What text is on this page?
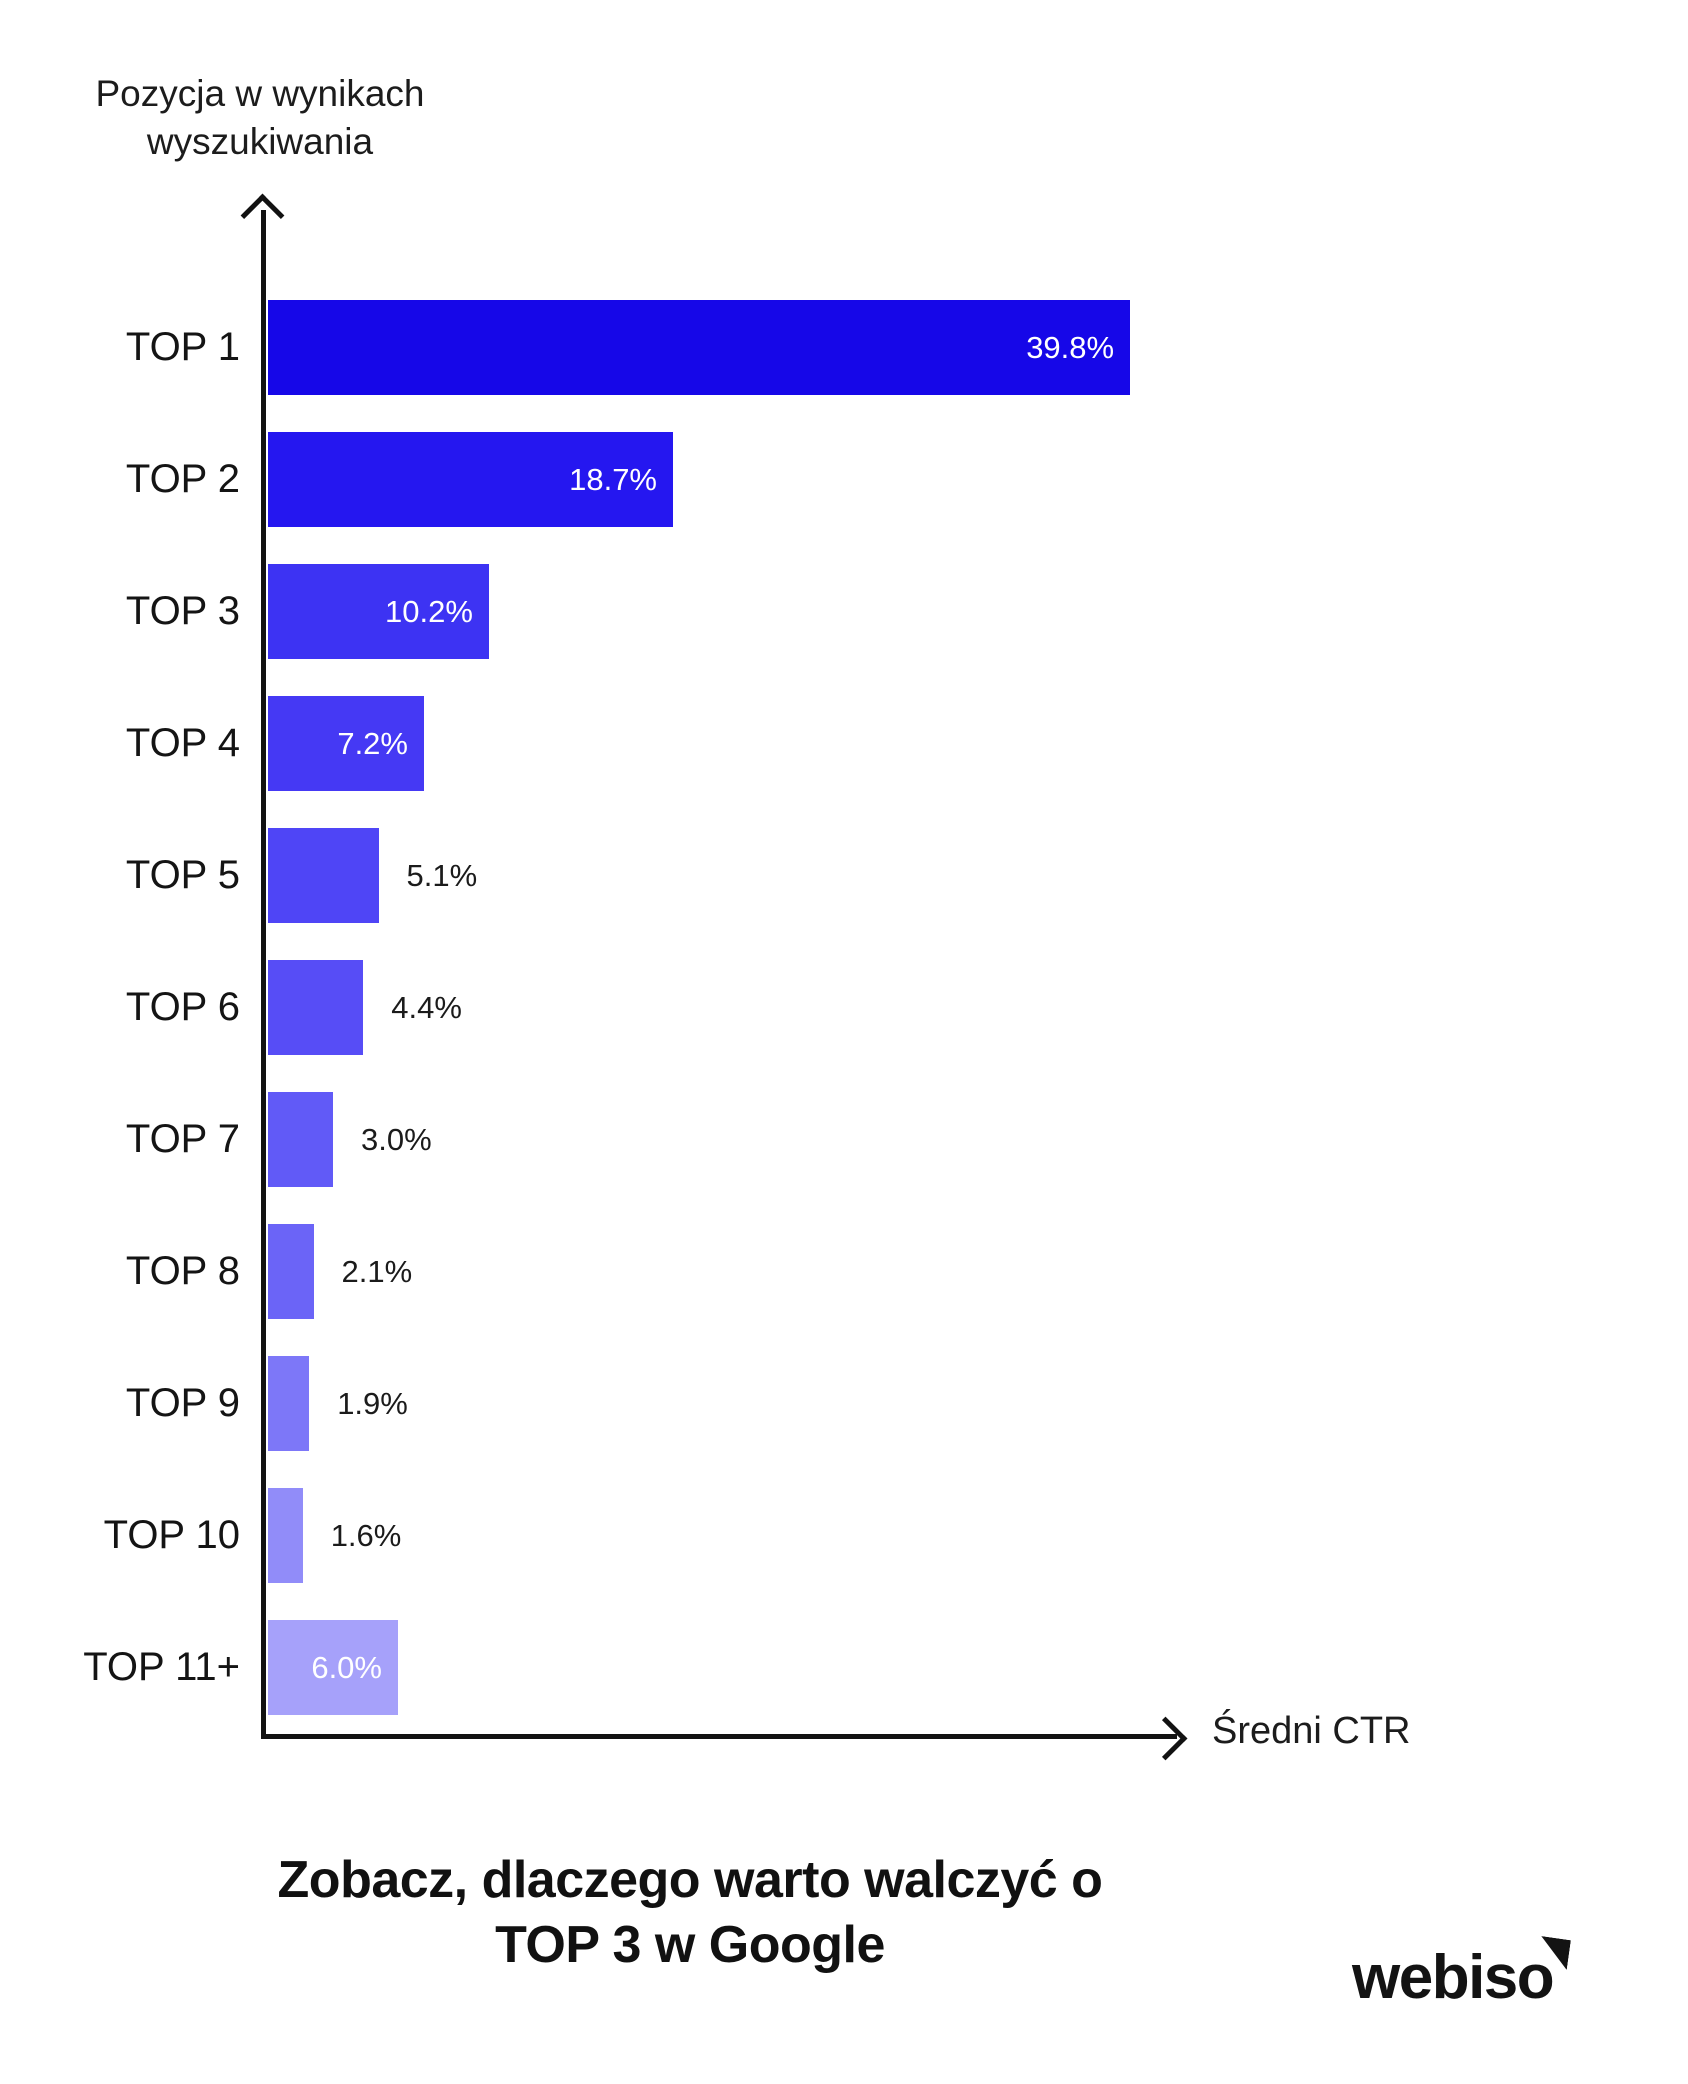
Pozycja w wynikach
wyszukiwania
Średni CTR
TOP 1	39.8%
TOP 2	18.7%
TOP 3	10.2%
TOP 4	7.2%
TOP 5	5.1%
TOP 6	4.4%
TOP 7	3.0%
TOP 8	2.1%
TOP 9	1.9%
TOP 10	1.6%
TOP 11+	6.0%
Zobacz, dlaczego warto walczyć o
TOP 3 w Google	webiso
